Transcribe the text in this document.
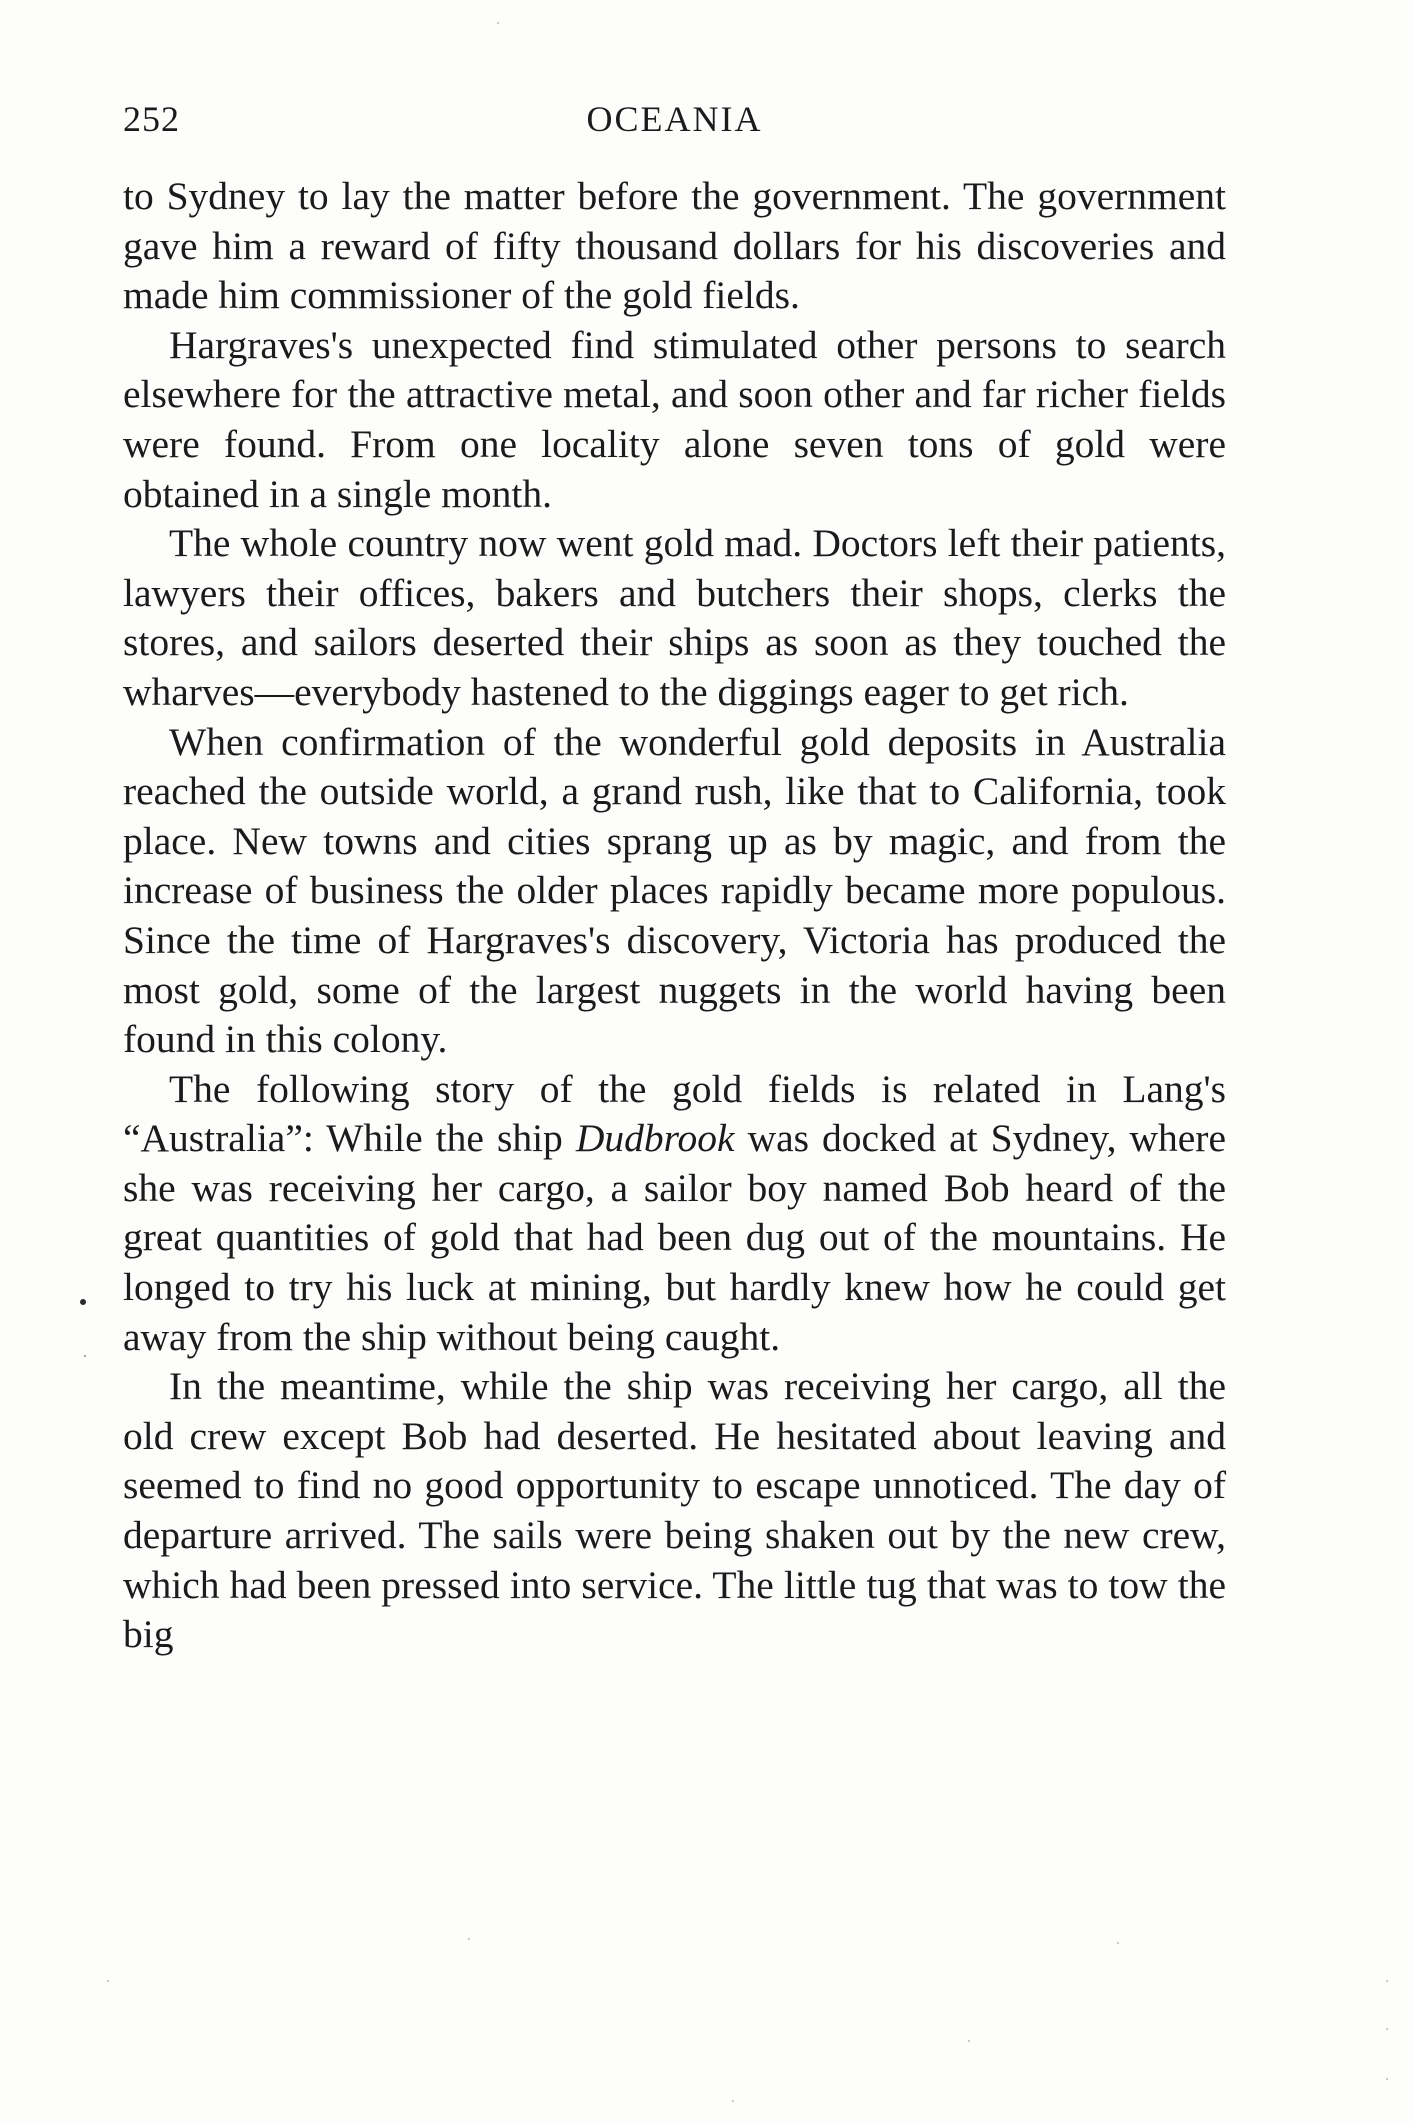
252	OCEANIA

to Sydney to lay the matter before the government. The government gave him a reward of fifty thousand dollars for his discoveries and made him commissioner of the gold fields.

Hargraves's unexpected find stimulated other persons to search elsewhere for the attractive metal, and soon other and far richer fields were found. From one locality alone seven tons of gold were obtained in a single month.

The whole country now went gold mad. Doctors left their patients, lawyers their offices, bakers and butchers their shops, clerks the stores, and sailors deserted their ships as soon as they touched the wharves—everybody hastened to the diggings eager to get rich.

When confirmation of the wonderful gold deposits in Australia reached the outside world, a grand rush, like that to California, took place. New towns and cities sprang up as by magic, and from the increase of business the older places rapidly became more populous. Since the time of Hargraves's discovery, Victoria has produced the most gold, some of the largest nuggets in the world having been found in this colony.

The following story of the gold fields is related in Lang's “Australia”: While the ship Dudbrook was docked at Sydney, where she was receiving her cargo, a sailor boy named Bob heard of the great quantities of gold that had been dug out of the mountains. He longed to try his luck at mining, but hardly knew how he could get away from the ship without being caught.

In the meantime, while the ship was receiving her cargo, all the old crew except Bob had deserted. He hesitated about leaving and seemed to find no good opportunity to escape unnoticed. The day of departure arrived. The sails were being shaken out by the new crew, which had been pressed into service. The little tug that was to tow the big
